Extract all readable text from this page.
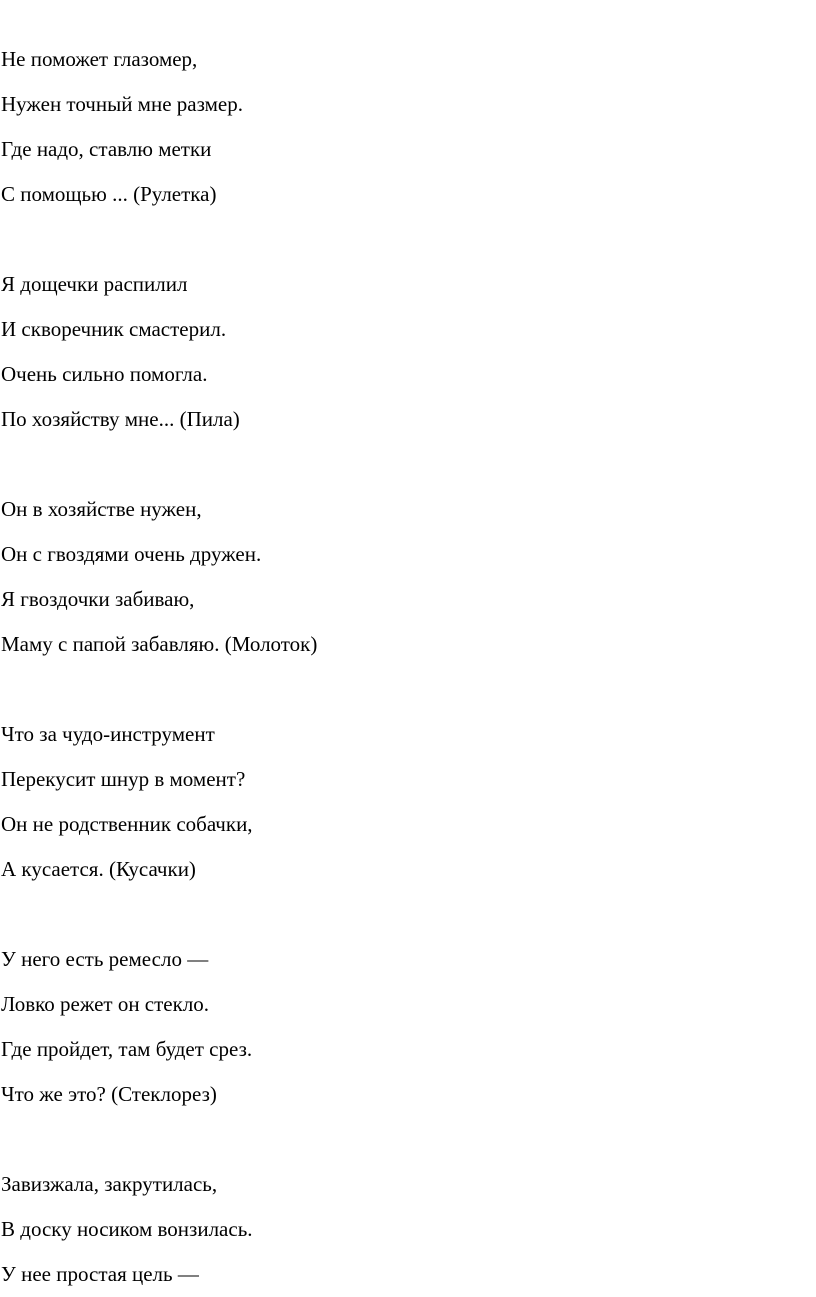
Не поможет глазомер,
Нужен точный мне размер.
Где надо, ставлю метки
С помощью ... (Рулетка)
Я дощечки распилил
И скворечник смастерил.
Очень сильно помогла.
По хозяйству мне... (Пила)
Он в хозяйстве нужен,
Он с гвоздями очень дружен.
Я гвоздочки забиваю,
Маму с папой забавляю. (Молоток)
Что за чудо-инструмент
Перекусит шнур в момент?
Он не родственник собачки,
А кусается. (Кусачки)
У него есть ремесло —
Ловко режет он стекло.
Где пройдет, там будет срез.
Что же это? (Стеклорез)
Завизжала, закрутилась,
В доску носиком вонзилась.
У нее простая цель —
